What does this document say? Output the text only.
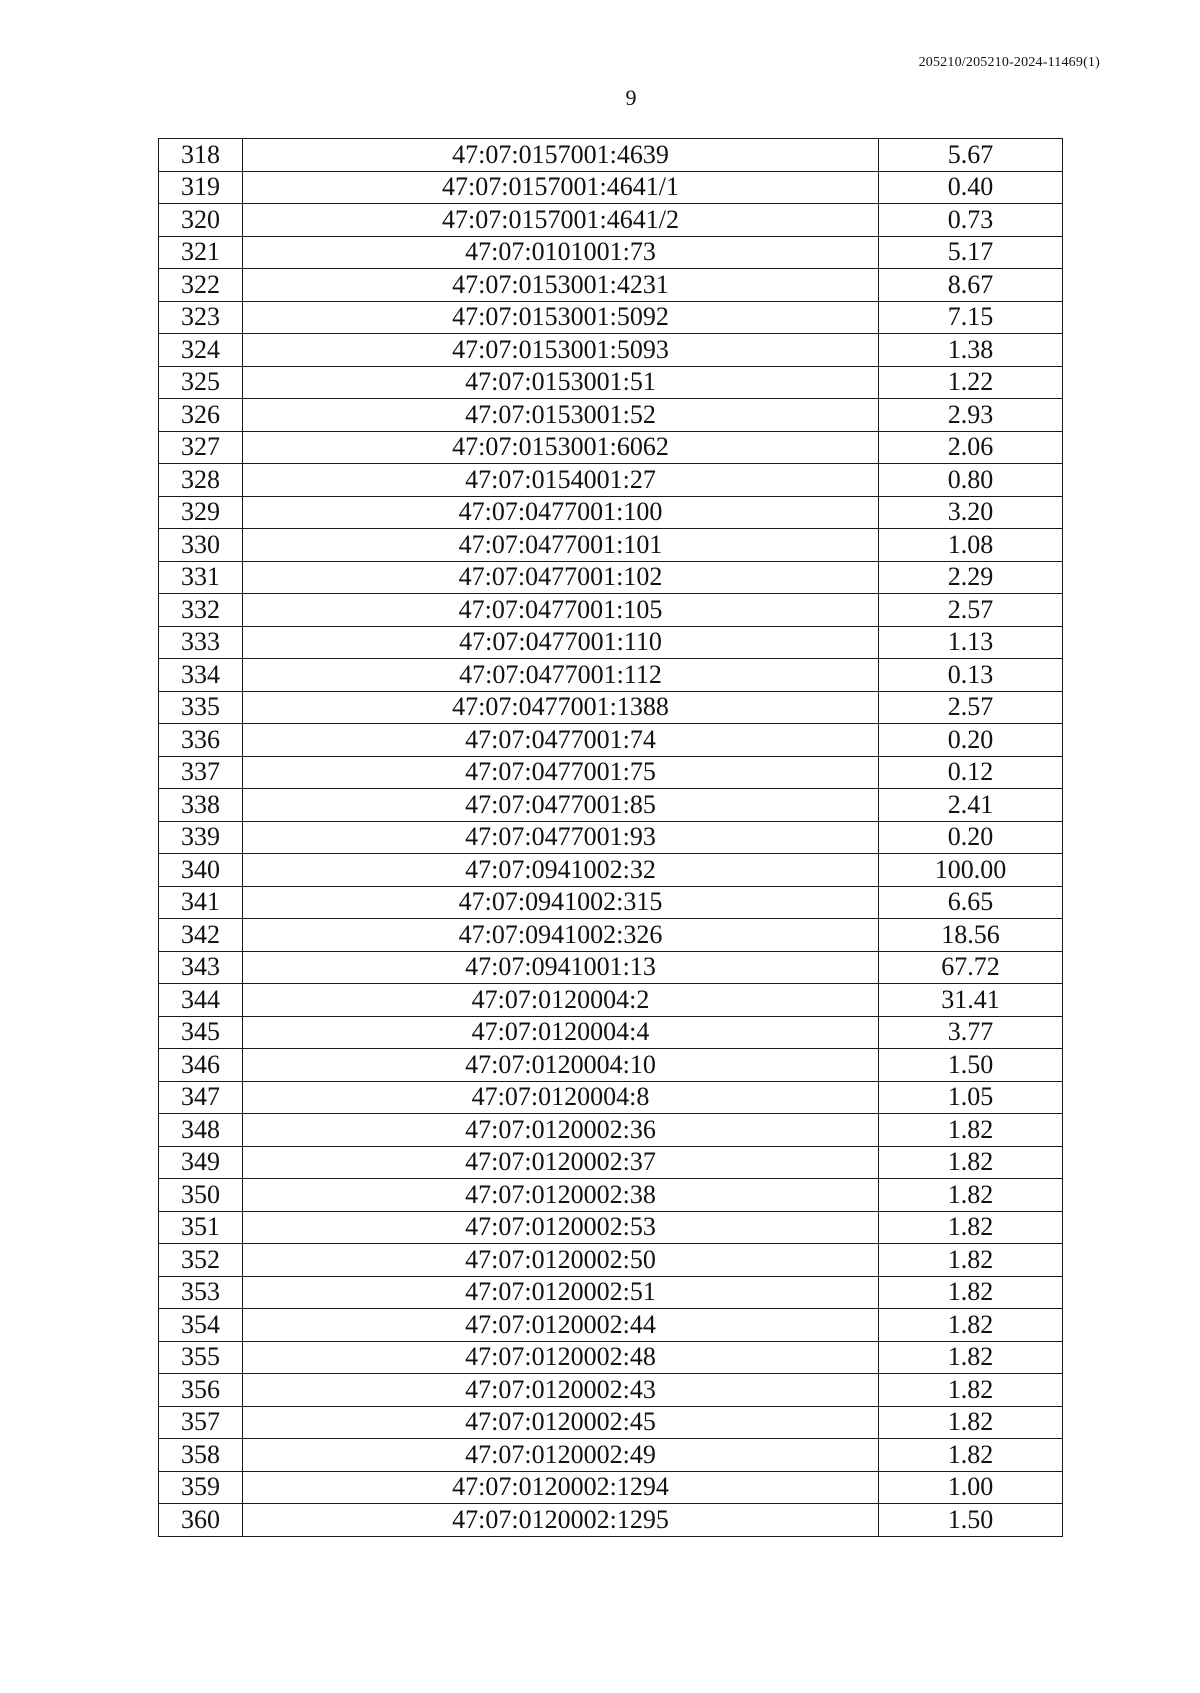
205210/205210-2024-11469(1)
9
318	47:07:0157001:4639	5.67
319	47:07:0157001:4641/1	0.40
320	47:07:0157001:4641/2	0.73
321	47:07:0101001:73	5.17
322	47:07:0153001:4231	8.67
323	47:07:0153001:5092	7.15
324	47:07:0153001:5093	1.38
325	47:07:0153001:51	1.22
326	47:07:0153001:52	2.93
327	47:07:0153001:6062	2.06
328	47:07:0154001:27	0.80
329	47:07:0477001:100	3.20
330	47:07:0477001:101	1.08
331	47:07:0477001:102	2.29
332	47:07:0477001:105	2.57
333	47:07:0477001:110	1.13
334	47:07:0477001:112	0.13
335	47:07:0477001:1388	2.57
336	47:07:0477001:74	0.20
337	47:07:0477001:75	0.12
338	47:07:0477001:85	2.41
339	47:07:0477001:93	0.20
340	47:07:0941002:32	100.00
341	47:07:0941002:315	6.65
342	47:07:0941002:326	18.56
343	47:07:0941001:13	67.72
344	47:07:0120004:2	31.41
345	47:07:0120004:4	3.77
346	47:07:0120004:10	1.50
347	47:07:0120004:8	1.05
348	47:07:0120002:36	1.82
349	47:07:0120002:37	1.82
350	47:07:0120002:38	1.82
351	47:07:0120002:53	1.82
352	47:07:0120002:50	1.82
353	47:07:0120002:51	1.82
354	47:07:0120002:44	1.82
355	47:07:0120002:48	1.82
356	47:07:0120002:43	1.82
357	47:07:0120002:45	1.82
358	47:07:0120002:49	1.82
359	47:07:0120002:1294	1.00
360	47:07:0120002:1295	1.50
